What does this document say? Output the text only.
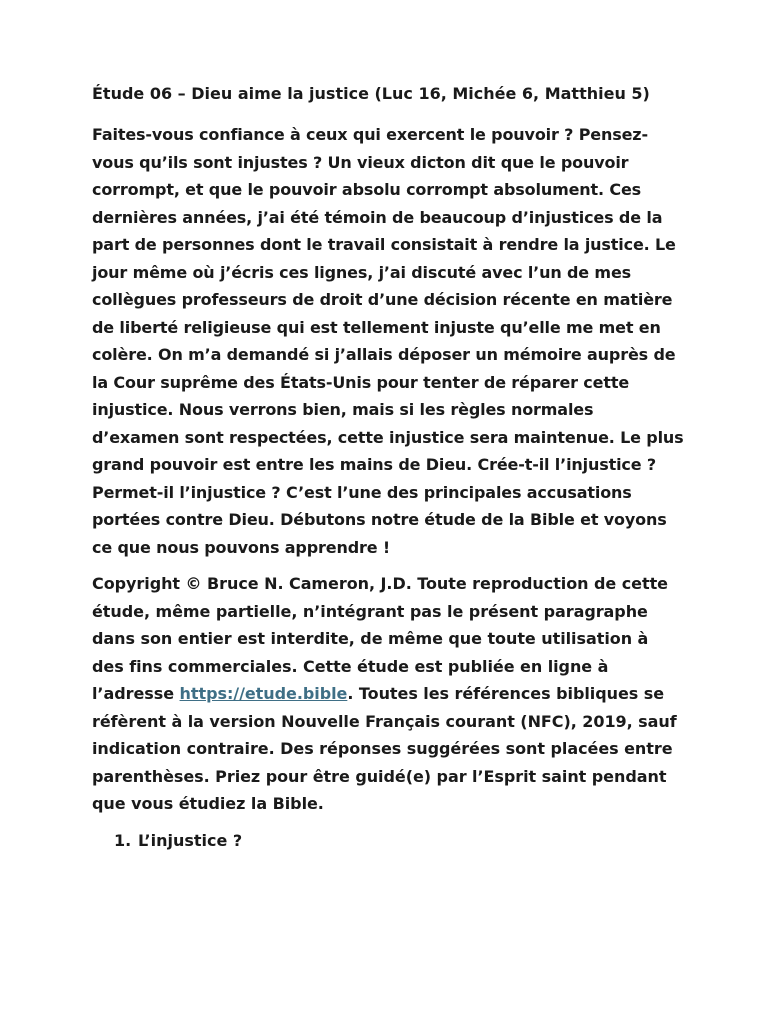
Étude 06 – Dieu aime la justice (Luc 16, Michée 6, Matthieu 5)

Faites-vous confiance à ceux qui exercent le pouvoir ? Pensez-vous qu’ils sont injustes ? Un vieux dicton dit que le pouvoir corrompt, et que le pouvoir absolu corrompt absolument. Ces dernières années, j’ai été témoin de beaucoup d’injustices de la part de personnes dont le travail consistait à rendre la justice. Le jour même où j’écris ces lignes, j’ai discuté avec l’un de mes collègues professeurs de droit d’une décision récente en matière de liberté religieuse qui est tellement injuste qu’elle me met en colère. On m’a demandé si j’allais déposer un mémoire auprès de la Cour suprême des États-Unis pour tenter de réparer cette injustice. Nous verrons bien, mais si les règles normales d’examen sont respectées, cette injustice sera maintenue. Le plus grand pouvoir est entre les mains de Dieu. Crée-t-il l’injustice ? Permet-il l’injustice ? C’est l’une des principales accusations portées contre Dieu. Débutons notre étude de la Bible et voyons ce que nous pouvons apprendre !

Copyright © Bruce N. Cameron, J.D. Toute reproduction de cette étude, même partielle, n’intégrant pas le présent paragraphe dans son entier est interdite, de même que toute utilisation à des fins commerciales. Cette étude est publiée en ligne à l’adresse https://etude.bible. Toutes les références bibliques se réfèrent à la version Nouvelle Français courant (NFC), 2019, sauf indication contraire. Des réponses suggérées sont placées entre parenthèses. Priez pour être guidé(e) par l’Esprit saint pendant que vous étudiez la Bible.

1. L’injustice ?
